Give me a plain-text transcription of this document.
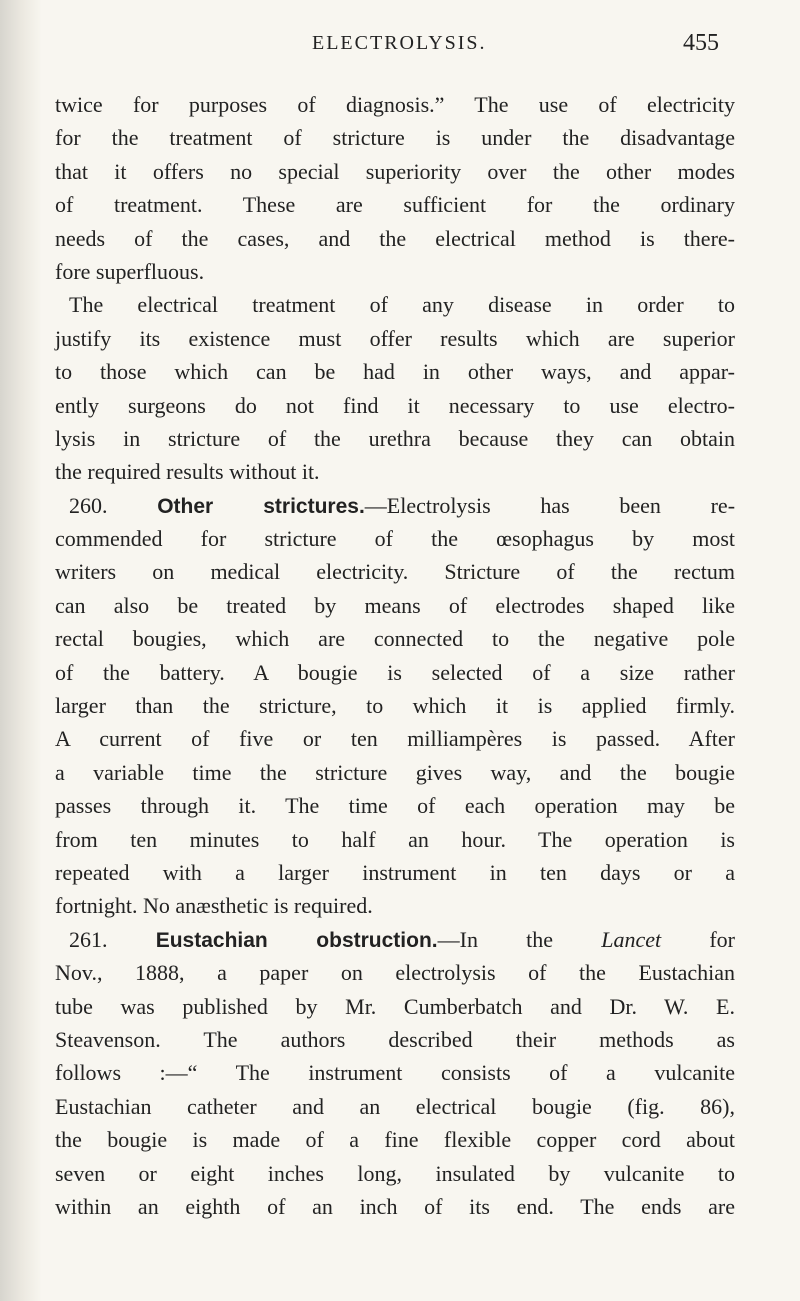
ELECTROLYSIS.	455
twice for purposes of diagnosis.” The use of electricity
for the treatment of stricture is under the disadvantage
that it offers no special superiority over the other modes
of treatment. These are sufficient for the ordinary
needs of the cases, and the electrical method is there-
fore superfluous.
The electrical treatment of any disease in order to
justify its existence must offer results which are superior
to those which can be had in other ways, and appar-
ently surgeons do not find it necessary to use electro-
lysis in stricture of the urethra because they can obtain
the required results without it.
260. Other strictures.—Electrolysis has been re-
commended for stricture of the œsophagus by most
writers on medical electricity. Stricture of the rectum
can also be treated by means of electrodes shaped like
rectal bougies, which are connected to the negative pole
of the battery. A bougie is selected of a size rather
larger than the stricture, to which it is applied firmly.
A current of five or ten milliampères is passed. After
a variable time the stricture gives way, and the bougie
passes through it. The time of each operation may be
from ten minutes to half an hour. The operation is
repeated with a larger instrument in ten days or a
fortnight. No anæsthetic is required.
261. Eustachian obstruction.—In the Lancet for
Nov., 1888, a paper on electrolysis of the Eustachian
tube was published by Mr. Cumberbatch and Dr. W. E.
Steavenson. The authors described their methods as
follows :—“ The instrument consists of a vulcanite
Eustachian catheter and an electrical bougie (fig. 86),
the bougie is made of a fine flexible copper cord about
seven or eight inches long, insulated by vulcanite to
within an eighth of an inch of its end. The ends are
